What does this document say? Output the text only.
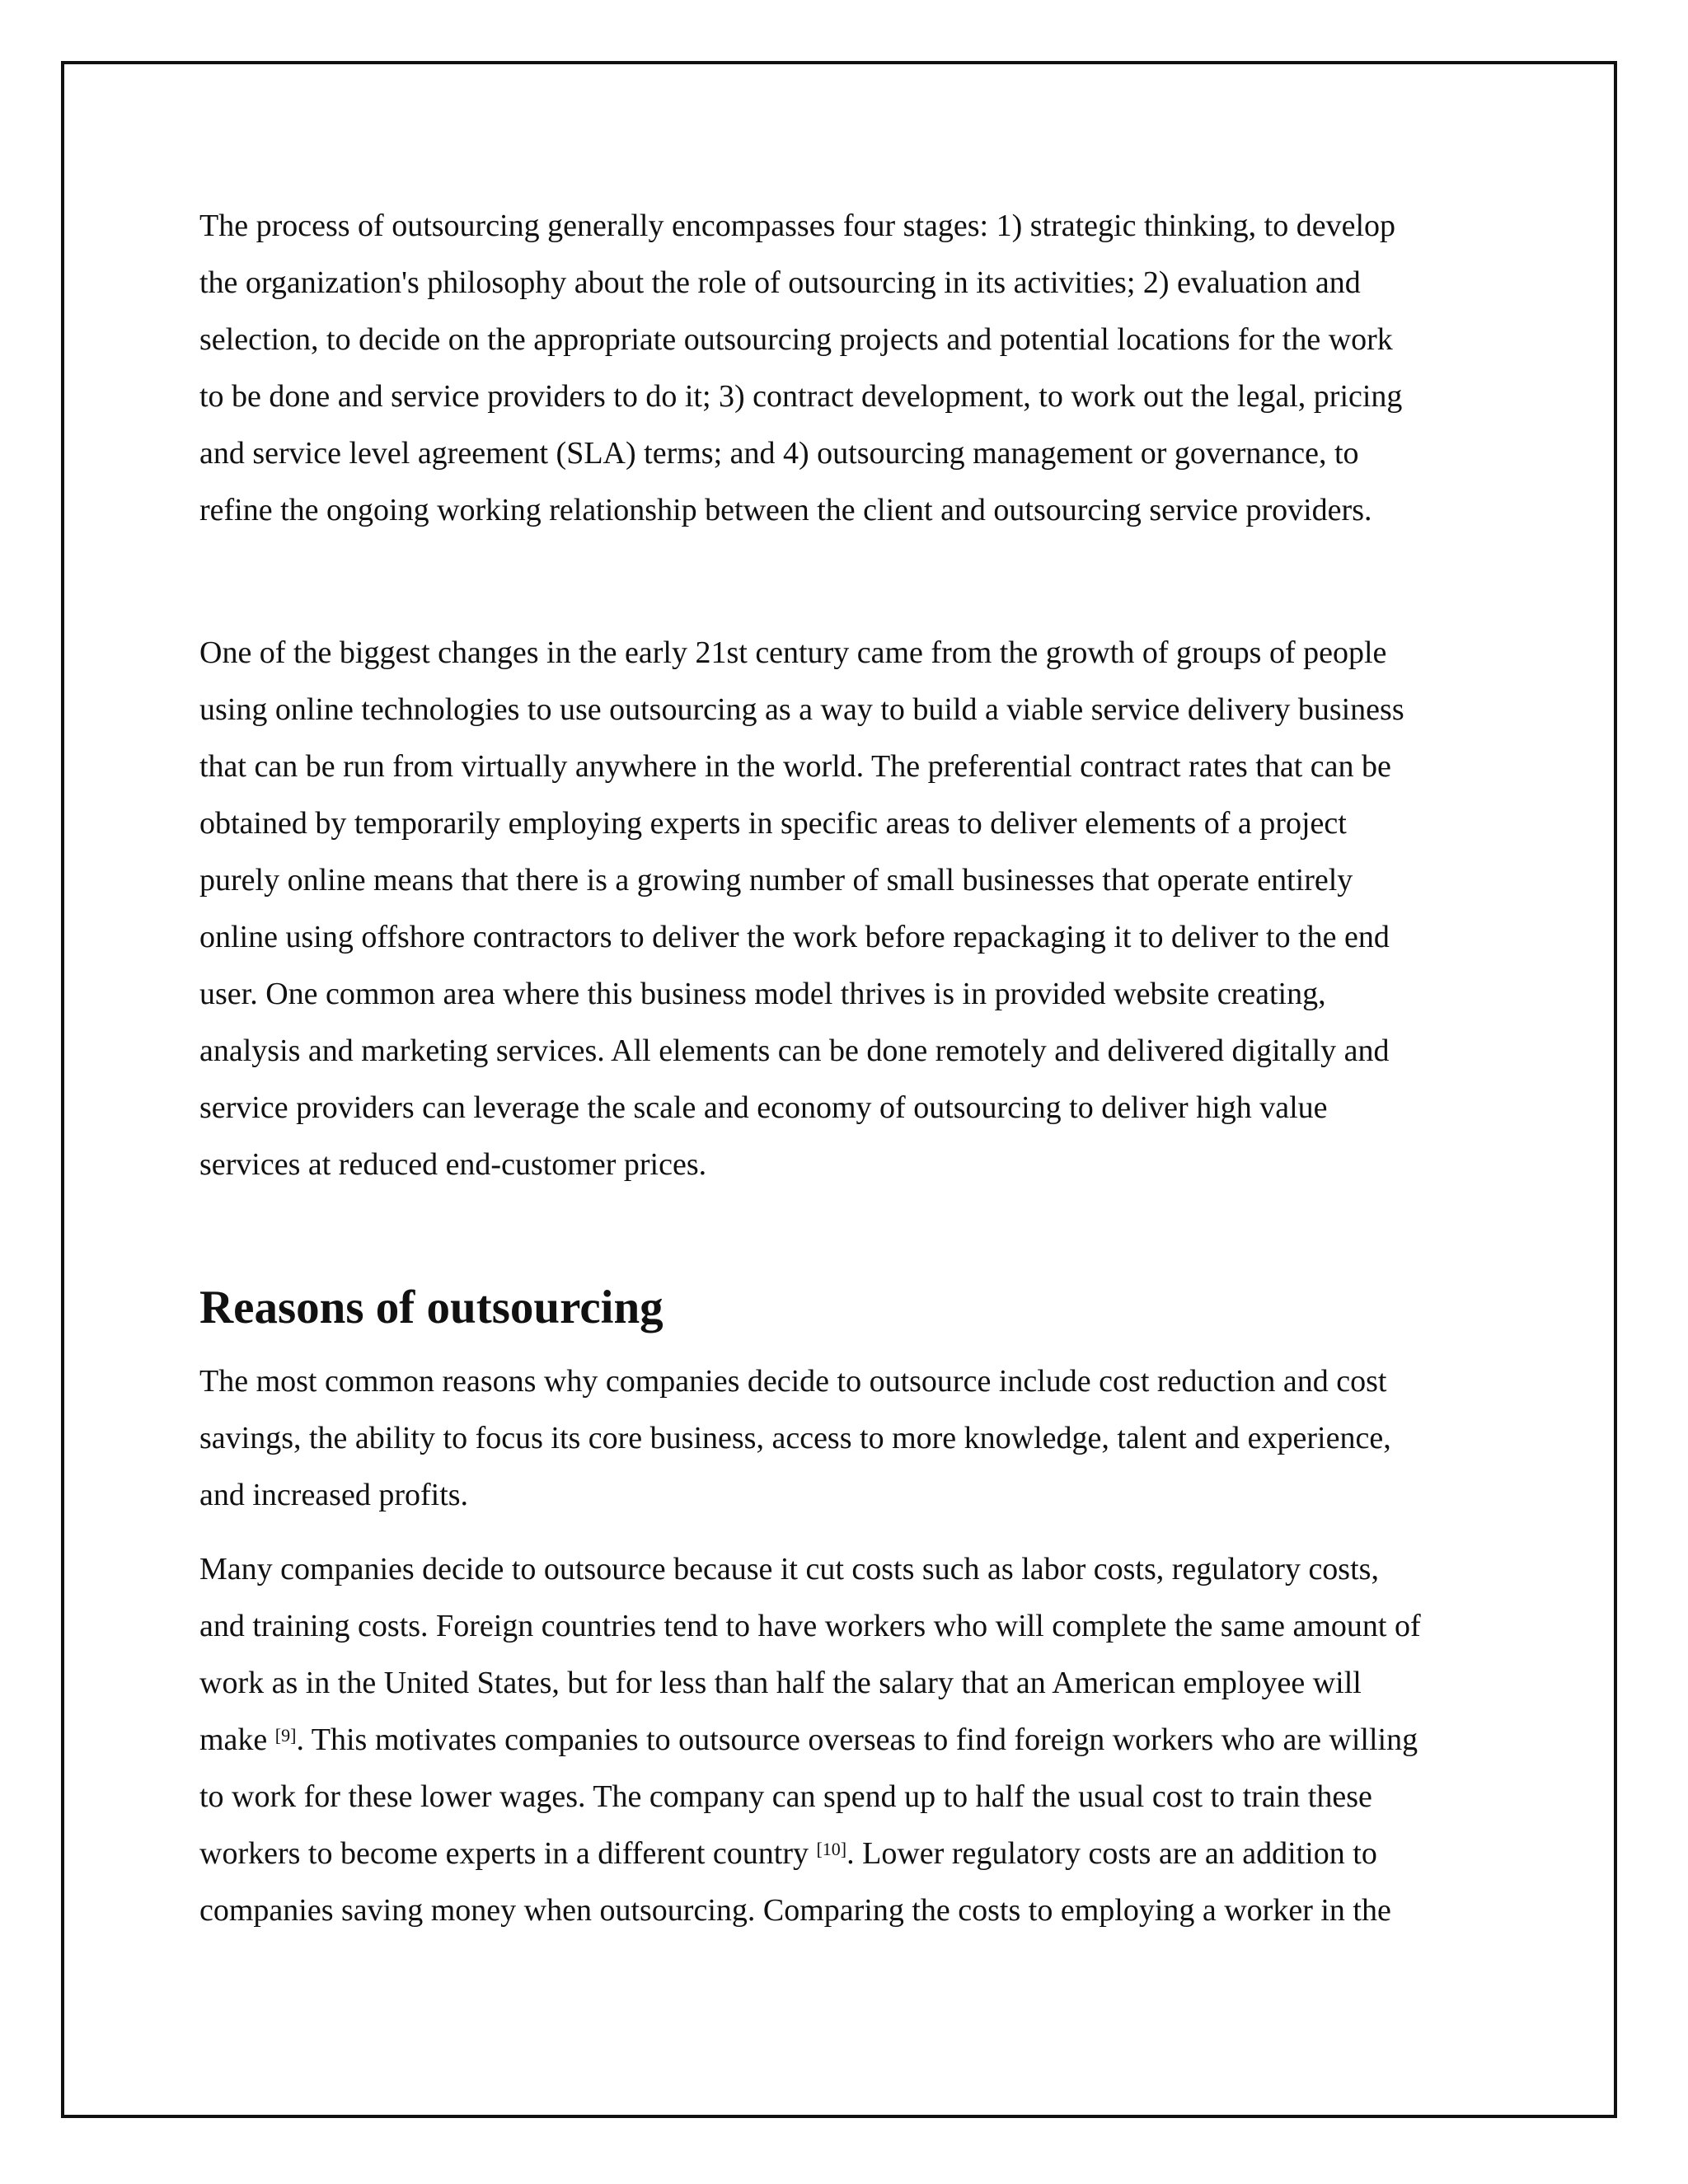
The process of outsourcing generally encompasses four stages: 1) strategic thinking, to develop
the organization's philosophy about the role of outsourcing in its activities; 2) evaluation and
selection, to decide on the appropriate outsourcing projects and potential locations for the work
to be done and service providers to do it; 3) contract development, to work out the legal, pricing
and service level agreement (SLA) terms; and 4) outsourcing management or governance, to
refine the ongoing working relationship between the client and outsourcing service providers.

One of the biggest changes in the early 21st century came from the growth of groups of people
using online technologies to use outsourcing as a way to build a viable service delivery business
that can be run from virtually anywhere in the world. The preferential contract rates that can be
obtained by temporarily employing experts in specific areas to deliver elements of a project
purely online means that there is a growing number of small businesses that operate entirely
online using offshore contractors to deliver the work before repackaging it to deliver to the end
user. One common area where this business model thrives is in provided website creating,
analysis and marketing services. All elements can be done remotely and delivered digitally and
service providers can leverage the scale and economy of outsourcing to deliver high value
services at reduced end-customer prices.

Reasons of outsourcing

The most common reasons why companies decide to outsource include cost reduction and cost
savings, the ability to focus its core business, access to more knowledge, talent and experience,
and increased profits.

Many companies decide to outsource because it cut costs such as labor costs, regulatory costs,
and training costs. Foreign countries tend to have workers who will complete the same amount of
work as in the United States, but for less than half the salary that an American employee will
make [9]. This motivates companies to outsource overseas to find foreign workers who are willing
to work for these lower wages. The company can spend up to half the usual cost to train these
workers to become experts in a different country [10]. Lower regulatory costs are an addition to
companies saving money when outsourcing. Comparing the costs to employing a worker in the
